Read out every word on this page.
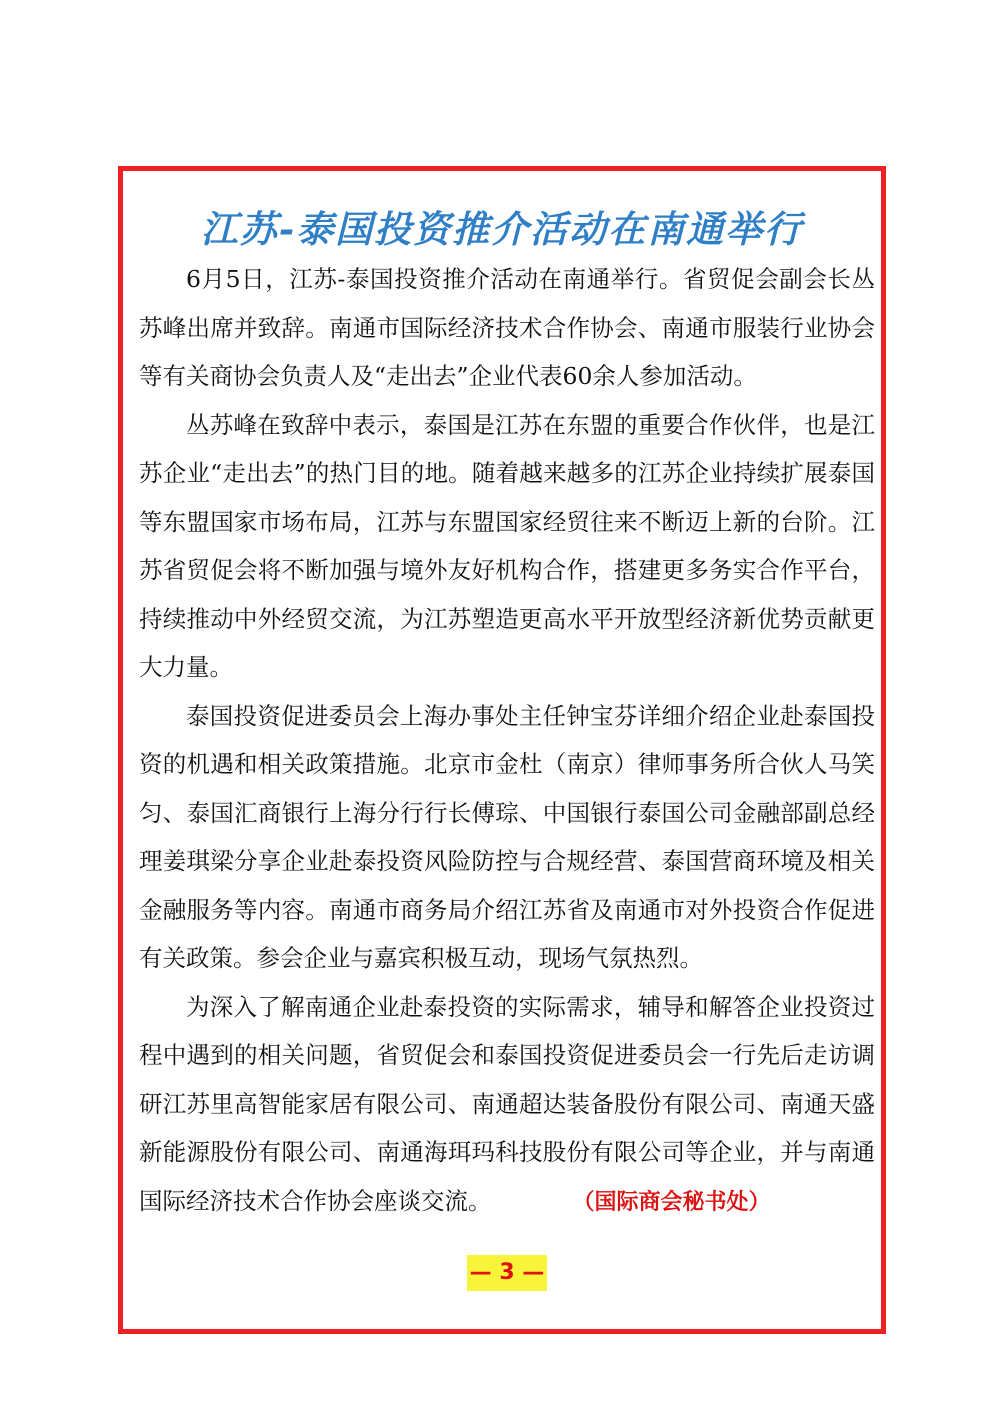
江苏-泰国投资推介活动在南通举行

6月5日，江苏-泰国投资推介活动在南通举行。省贸促会副会长丛苏峰出席并致辞。南通市国际经济技术合作协会、南通市服装行业协会等有关商协会负责人及“走出去”企业代表60余人参加活动。

丛苏峰在致辞中表示，泰国是江苏在东盟的重要合作伙伴，也是江苏企业“走出去”的热门目的地。随着越来越多的江苏企业持续扩展泰国等东盟国家市场布局，江苏与东盟国家经贸往来不断迈上新的台阶。江苏省贸促会将不断加强与境外友好机构合作，搭建更多务实合作平台，持续推动中外经贸交流，为江苏塑造更高水平开放型经济新优势贡献更大力量。

泰国投资促进委员会上海办事处主任钟宝芬详细介绍企业赴泰国投资的机遇和相关政策措施。北京市金杜（南京）律师事务所合伙人马笑匀、泰国汇商银行上海分行行长傅琮、中国银行泰国公司金融部副总经理姜琪梁分享企业赴泰投资风险防控与合规经营、泰国营商环境及相关金融服务等内容。南通市商务局介绍江苏省及南通市对外投资合作促进有关政策。参会企业与嘉宾积极互动，现场气氛热烈。

为深入了解南通企业赴泰投资的实际需求，辅导和解答企业投资过程中遇到的相关问题，省贸促会和泰国投资促进委员会一行先后走访调研江苏里高智能家居有限公司、南通超达装备股份有限公司、南通天盛新能源股份有限公司、南通海珥玛科技股份有限公司等企业，并与南通国际经济技术合作协会座谈交流。	（国际商会秘书处）

— 3 —
